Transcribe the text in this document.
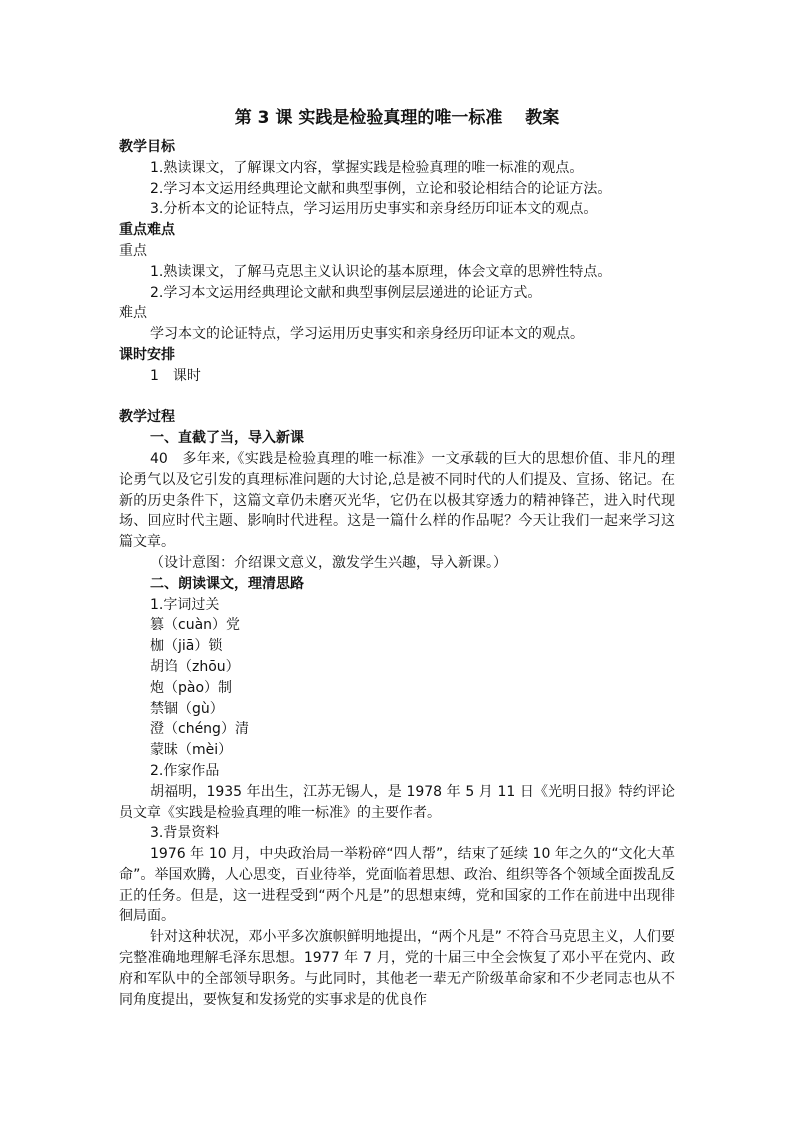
第 3 课 实践是检验真理的唯一标准　 教案
教学目标
1.熟读课文，了解课文内容，掌握实践是检验真理的唯一标准的观点。
2.学习本文运用经典理论文献和典型事例，立论和驳论相结合的论证方法。
3.分析本文的论证特点，学习运用历史事实和亲身经历印证本文的观点。
重点难点
重点
1.熟读课文，了解马克思主义认识论的基本原理，体会文章的思辨性特点。
2.学习本文运用经典理论文献和典型事例层层递进的论证方式。
难点
学习本文的论证特点，学习运用历史事实和亲身经历印证本文的观点。
课时安排
1　课时
教学过程
一、直截了当，导入新课

40　多年来,《实践是检验真理的唯一标准》一文承载的巨大的思想价值、非凡的理论勇气以及它引发的真理标准问题的大讨论,总是被不同时代的人们提及、宣扬、铭记。在新的历史条件下，这篇文章仍未磨灭光华，它仍在以极其穿透力的精神锋芒，进入时代现场、回应时代主题、影响时代进程。这是一篇什么样的作品呢？今天让我们一起来学习这篇文章。

（设计意图：介绍课文意义，激发学生兴趣，导入新课。）
二、朗读课文，理清思路
1.字词过关
篡（cuàn）党
枷（jiā）锁
胡诌（zhōu）
炮（pào）制
禁锢（gù）
澄（chéng）清
蒙昧（mèi）
2.作家作品

胡福明，1935 年出生，江苏无锡人，是 1978 年 5 月 11 日《光明日报》特约评论员文章《实践是检验真理的唯一标准》的主要作者。

3.背景资料

1976 年 10 月，中央政治局一举粉碎“四人帮”，结束了延续 10 年之久的“文化大革命”。举国欢腾，人心思变，百业待举，党面临着思想、政治、组织等各个领域全面拨乱反正的任务。但是，这一进程受到“两个凡是”的思想束缚，党和国家的工作在前进中出现徘徊局面。

针对这种状况，邓小平多次旗帜鲜明地提出，“两个凡是” 不符合马克思主义，人们要完整准确地理解毛泽东思想。1977 年 7 月，党的十届三中全会恢复了邓小平在党内、政府和军队中的全部领导职务。与此同时，其他老一辈无产阶级革命家和不少老同志也从不同角度提出，要恢复和发扬党的实事求是的优良作
